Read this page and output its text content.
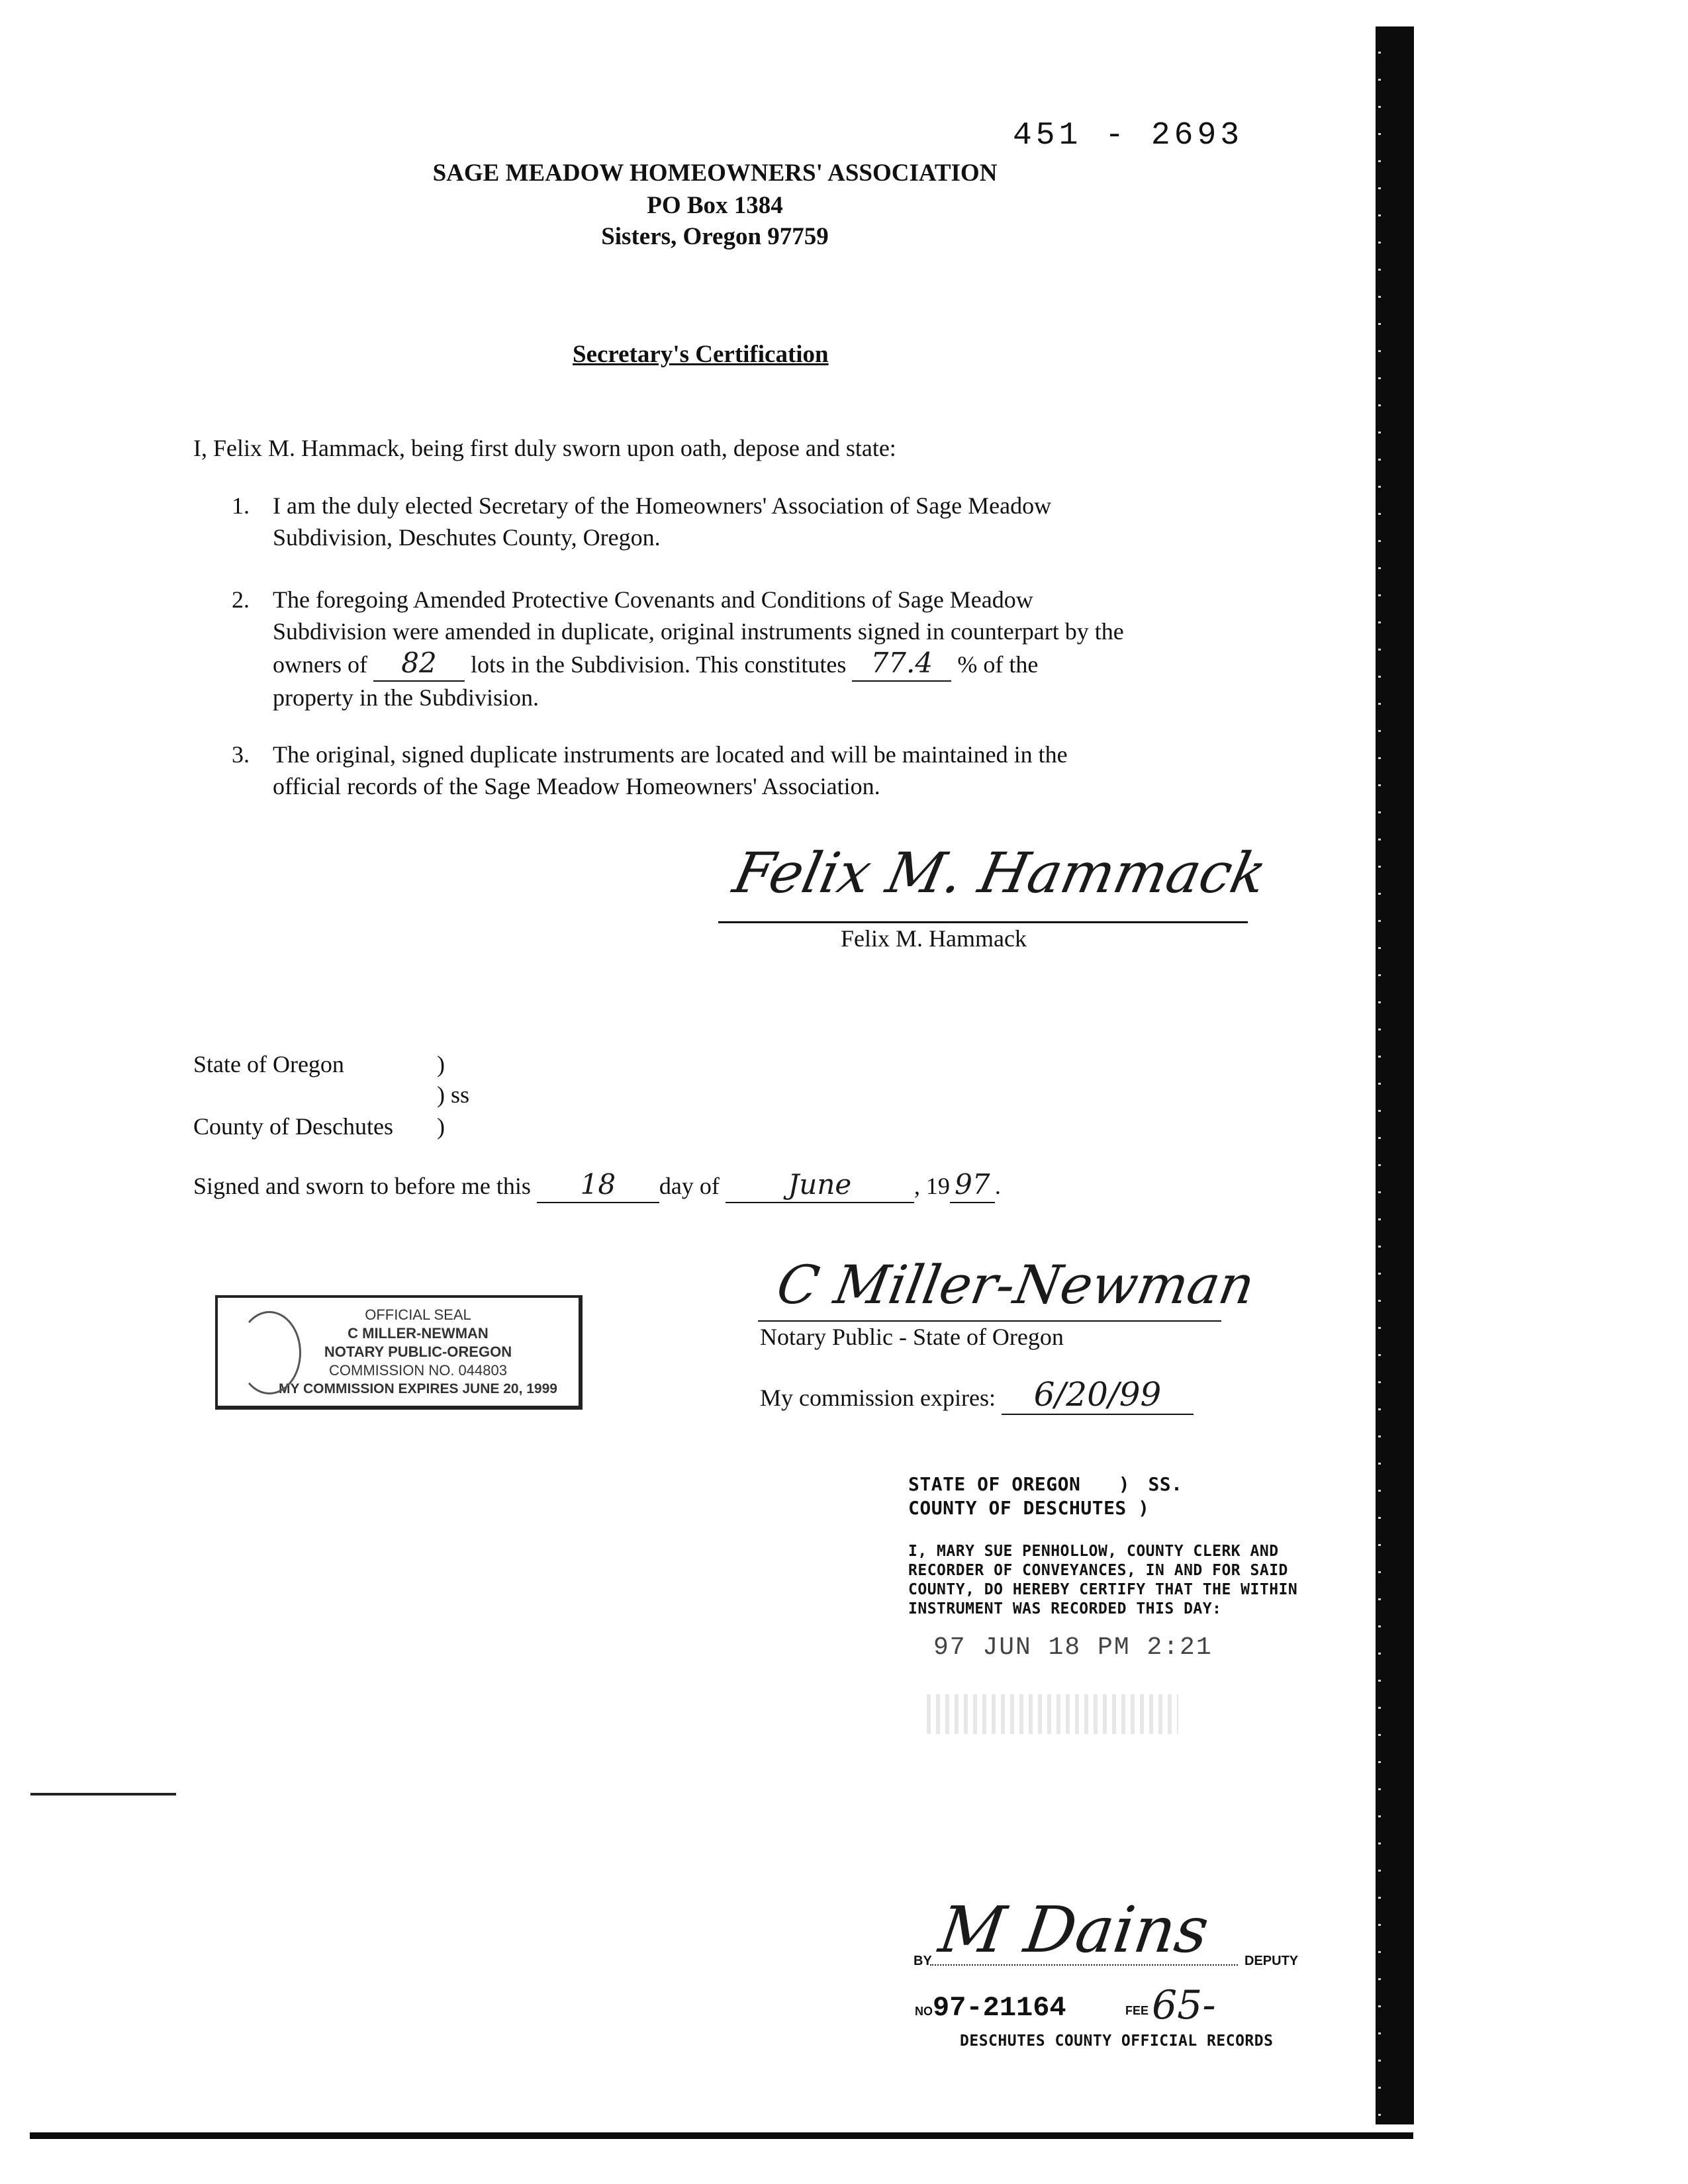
451 - 2693
SAGE MEADOW HOMEOWNERS' ASSOCIATION
PO Box 1384
Sisters, Oregon 97759
Secretary's Certification
I, Felix M. Hammack, being first duly sworn upon oath, depose and state:
1. I am the duly elected Secretary of the Homeowners' Association of Sage Meadow
Subdivision, Deschutes County, Oregon.
2. The foregoing Amended Protective Covenants and Conditions of Sage Meadow
Subdivision were amended in duplicate, original instruments signed in counterpart by the
owners of 82 lots in the Subdivision. This constitutes 77.4 % of the
property in the Subdivision.
3. The original, signed duplicate instruments are located and will be maintained in the
official records of the Sage Meadow Homeowners' Association.
Felix M. Hammack
Felix M. Hammack
State of Oregon	)
) ss
County of Deschutes )
Signed and sworn to before me this 18 day of June	, 19 97 .
OFFICIAL SEAL
C MILLER-NEWMAN
NOTARY PUBLIC-OREGON
COMMISSION NO. 044803
MY COMMISSION EXPIRES JUNE 20, 1999
C Miller-Newman
Notary Public - State of Oregon
My commission expires: 6/20/99
STATE OF OREGON ) SS.
COUNTY OF DESCHUTES )
I, MARY SUE PENHOLLOW, COUNTY CLERK AND
RECORDER OF CONVEYANCES, IN AND FOR SAID
COUNTY, DO HEREBY CERTIFY THAT THE WITHIN
INSTRUMENT WAS RECORDED THIS DAY:
97 JUN 18 PM 2:21
BY M Dains DEPUTY
NO97-21164	FEE 65-
DESCHUTES COUNTY OFFICIAL RECORDS
